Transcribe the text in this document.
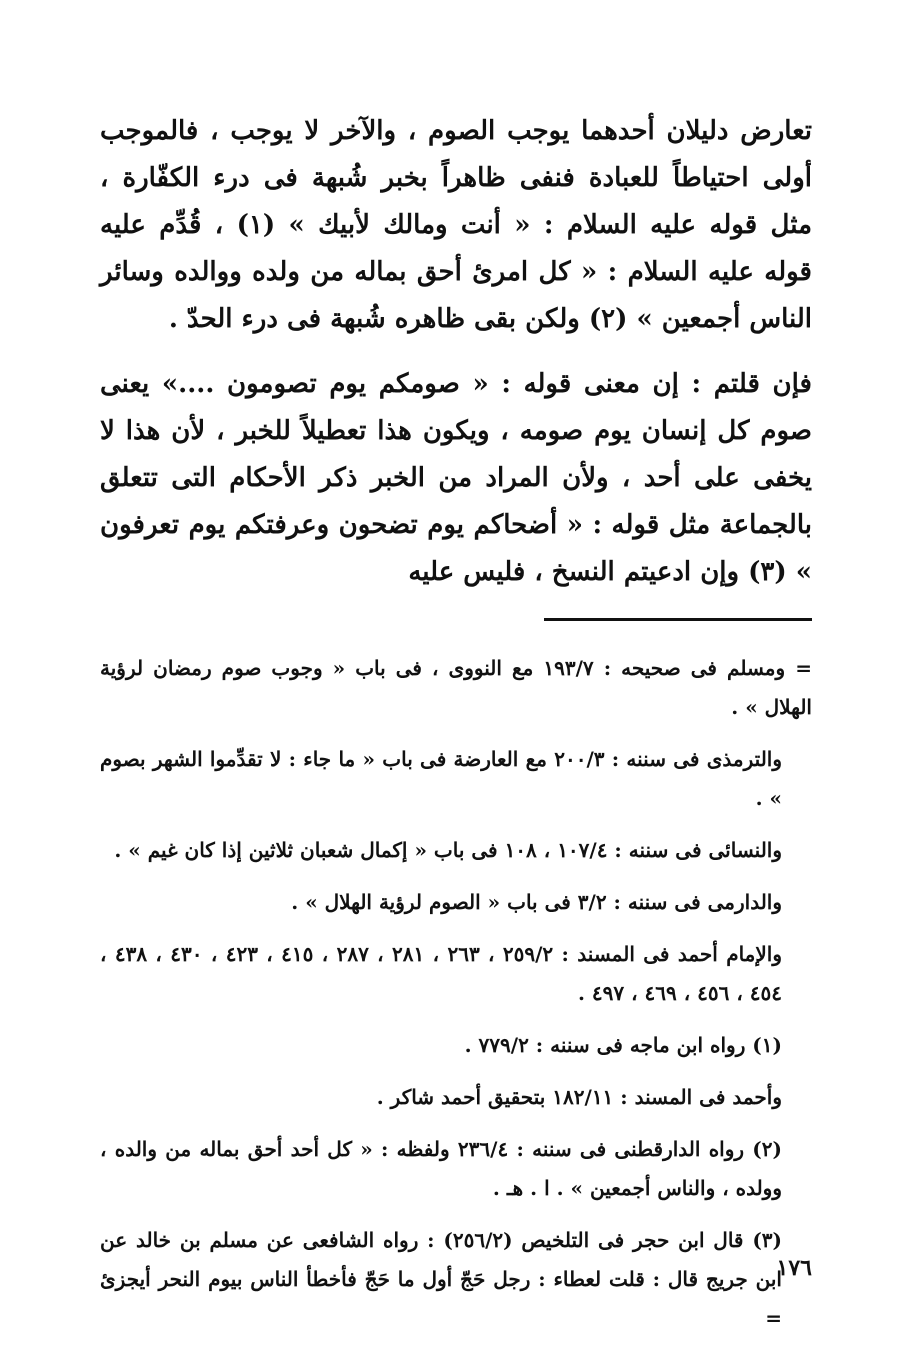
تعارض دليلان أحدهما يوجب الصوم ، والآخر لا يوجب ، فالموجب أولى احتياطاً للعبادة فنفى ظاهراً بخبر شُبهة فى درء الكفّارة ، مثل قوله عليه السلام : « أنت ومالك لأبيك » (١) ، قُدِّم عليه قوله عليه السلام : « كل امرئ أحق بماله من ولده ووالده وسائر الناس أجمعين » (٢) ولكن بقى ظاهره شُبهة فى درء الحدّ .

فإن قلتم : إن معنى قوله : « صومكم يوم تصومون ....» يعنى صوم كل إنسان يوم صومه ، ويكون هذا تعطيلاً للخبر ، لأن هذا لا يخفى على أحد ، ولأن المراد من الخبر ذكر الأحكام التى تتعلق بالجماعة مثل قوله : « أضحاكم يوم تضحون وعرفتكم يوم تعرفون » (٣) وإن ادعيتم النسخ ، فليس عليه

= ومسلم فى صحيحه : ١٩٣/٧ مع النووى ، فى باب « وجوب صوم رمضان لرؤية الهلال » .

والترمذى فى سننه : ٢٠٠/٣ مع العارضة فى باب « ما جاء : لا تقدِّموا الشهر بصوم » .

والنسائى فى سننه : ١٠٧/٤ ، ١٠٨ فى باب « إكمال شعبان ثلاثين إذا كان غيم » .

والدارمى فى سننه : ٣/٢ فى باب « الصوم لرؤية الهلال » .

والإمام أحمد فى المسند : ٢٥٩/٢ ، ٢٦٣ ، ٢٨١ ، ٢٨٧ ، ٤١٥ ، ٤٢٣ ، ٤٣٠ ، ٤٣٨ ، ٤٥٤ ، ٤٥٦ ، ٤٦٩ ، ٤٩٧ .

(١) رواه ابن ماجه فى سننه : ٧٧٩/٢ .

وأحمد فى المسند : ١٨٢/١١ بتحقيق أحمد شاكر .

(٢) رواه الدارقطنى فى سننه : ٢٣٦/٤ ولفظه : « كل أحد أحق بماله من والده ، وولده ، والناس أجمعين » . ا . هـ .

(٣) قال ابن حجر فى التلخيص (٢٥٦/٢) : رواه الشافعى عن مسلم بن خالد عن ابن جريج قال : قلت لعطاء : رجل حَجّ أول ما حَجّ فأخطأ الناس بيوم النحر أيجزئ =

١٧٦
